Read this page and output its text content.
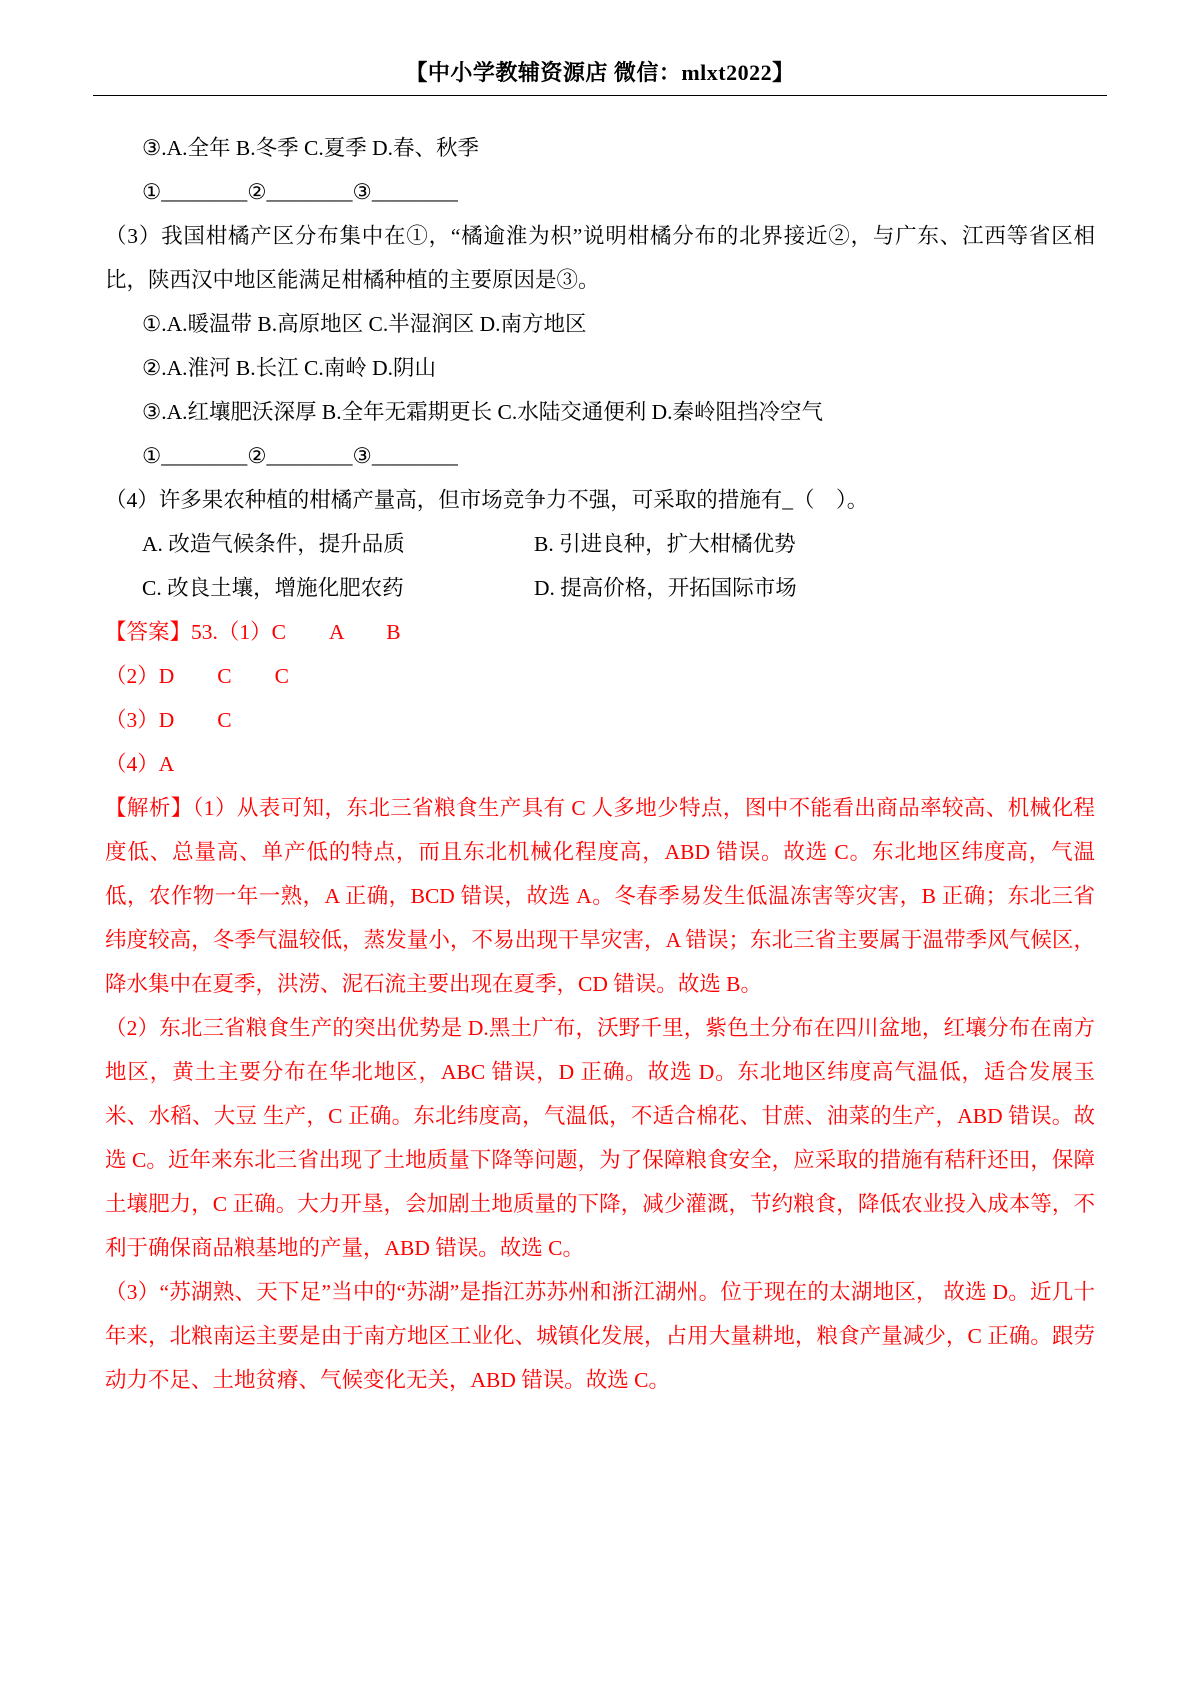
【中小学教辅资源店 微信：mlxt2022】

③.A.全年 B.冬季 C.夏季 D.春、秋季

①________②________③________

（3）我国柑橘产区分布集中在①，“橘逾淮为枳”说明柑橘分布的北界接近②，与广东、江西等省区相比，陕西汉中地区能满足柑橘种植的主要原因是③。

①.A.暖温带 B.高原地区 C.半湿润区 D.南方地区

②.A.淮河 B.长江 C.南岭 D.阴山

③.A.红壤肥沃深厚 B.全年无霜期更长 C.水陆交通便利 D.秦岭阻挡冷空气

①________②________③________

（4）许多果农种植的柑橘产量高，但市场竞争力不强，可采取的措施有_（　）。

A. 改造气候条件，提升品质	B. 引进良种，扩大柑橘优势

C. 改良土壤，增施化肥农药	D. 提高价格，开拓国际市场

【答案】53.（1）C　　A　　B

（2）D　　C　　C

（3）D　　C

（4）A

【解析】（1）从表可知，东北三省粮食生产具有 C 人多地少特点，图中不能看出商品率较高、机械化程度低、总量高、单产低的特点，而且东北机械化程度高，ABD 错误。故选 C。东北地区纬度高，气温低，农作物一年一熟，A 正确，BCD 错误，故选 A。冬春季易发生低温冻害等灾害，B 正确；东北三省纬度较高，冬季气温较低，蒸发量小，不易出现干旱灾害，A 错误；东北三省主要属于温带季风气候区，降水集中在夏季，洪涝、泥石流主要出现在夏季，CD 错误。故选 B。

（2）东北三省粮食生产的突出优势是 D.黑土广布，沃野千里，紫色土分布在四川盆地，红壤分布在南方地区，黄土主要分布在华北地区，ABC 错误，D 正确。故选 D。东北地区纬度高气温低，适合发展玉米、水稻、大豆 生产，C 正确。东北纬度高，气温低，不适合棉花、甘蔗、油菜的生产，ABD 错误。故选 C。近年来东北三省出现了土地质量下降等问题，为了保障粮食安全，应采取的措施有秸秆还田，保障土壤肥力，C 正确。大力开垦，会加剧土地质量的下降，减少灌溉，节约粮食，降低农业投入成本等，不利于确保商品粮基地的产量，ABD 错误。故选 C。

（3）“苏湖熟、天下足”当中的“苏湖”是指江苏苏州和浙江湖州。位于现在的太湖地区， 故选 D。近几十年来，北粮南运主要是由于南方地区工业化、城镇化发展，占用大量耕地，粮食产量减少，C 正确。跟劳动力不足、土地贫瘠、气候变化无关，ABD 错误。故选 C。
